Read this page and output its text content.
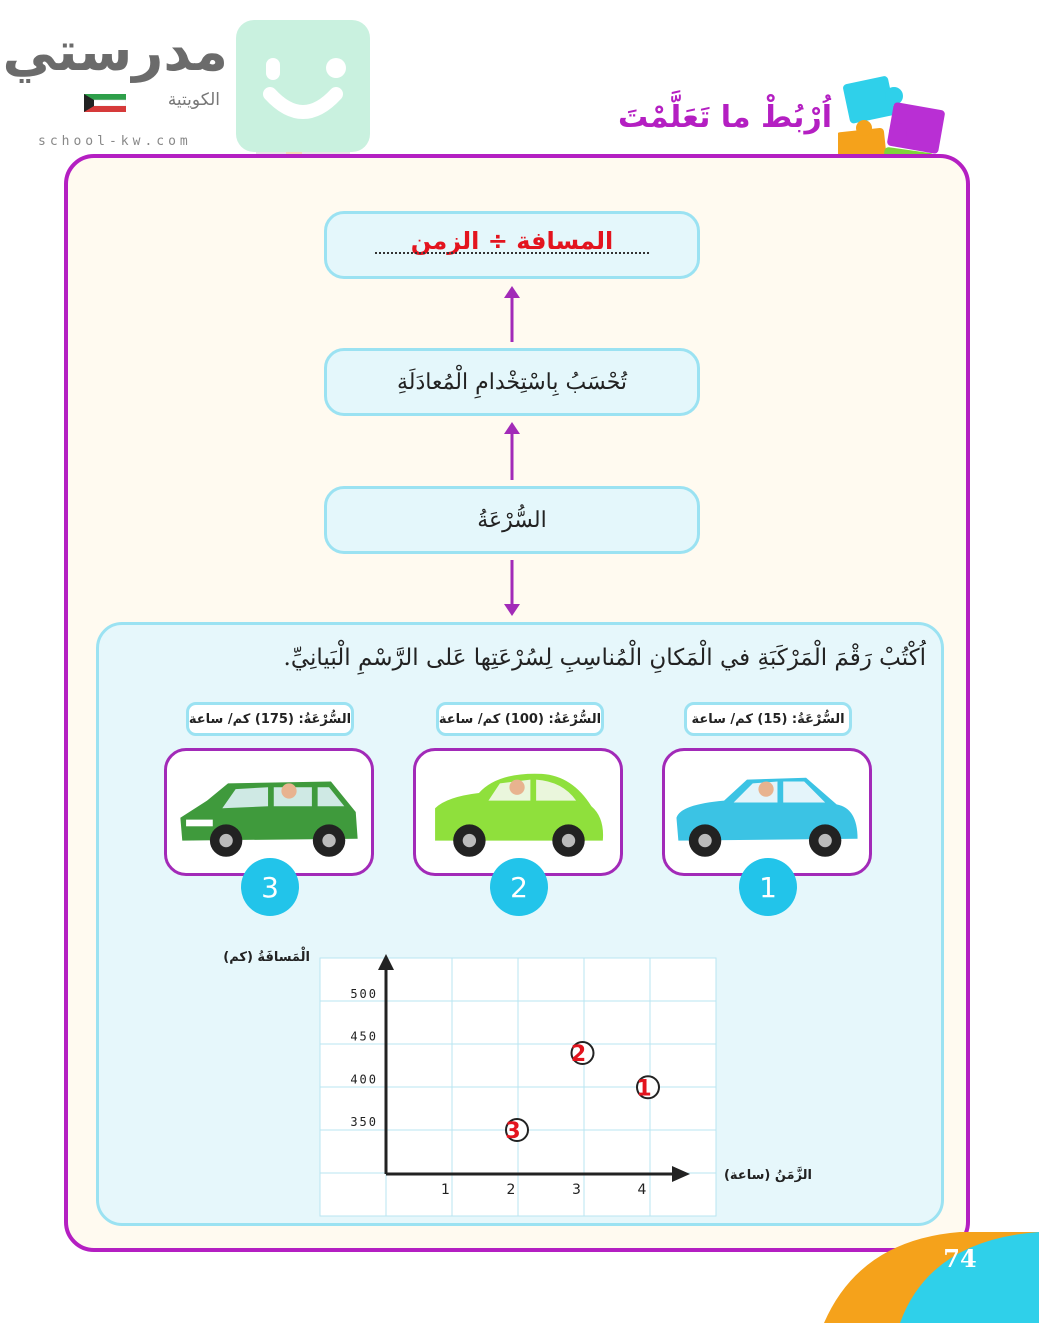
مدرستي
الكويتية
school-kw.com
اُرْبُطْ ما تَعَلَّمْتَ
المسافة ÷ الزمن
تُحْسَبُ بِاسْتِخْدامِ الْمُعادَلَةِ
السُّرْعَةُ
اُكْتُبْ رَقْمَ الْمَرْكَبَةِ في الْمَكانِ الْمُناسِبِ لِسُرْعَتِها عَلى الرَّسْمِ الْبَيانِيِّ.
السُّرْعَةُ: (175) كم/ ساعة
3
السُّرْعَةُ: (100) كم/ ساعة
2
السُّرْعَةُ: (15) كم/ ساعة
1
الْمَسافَةُ (كم)
الزَّمَنُ (ساعة)
1	2	3	4
350
400
450
500
2
1
3
74
